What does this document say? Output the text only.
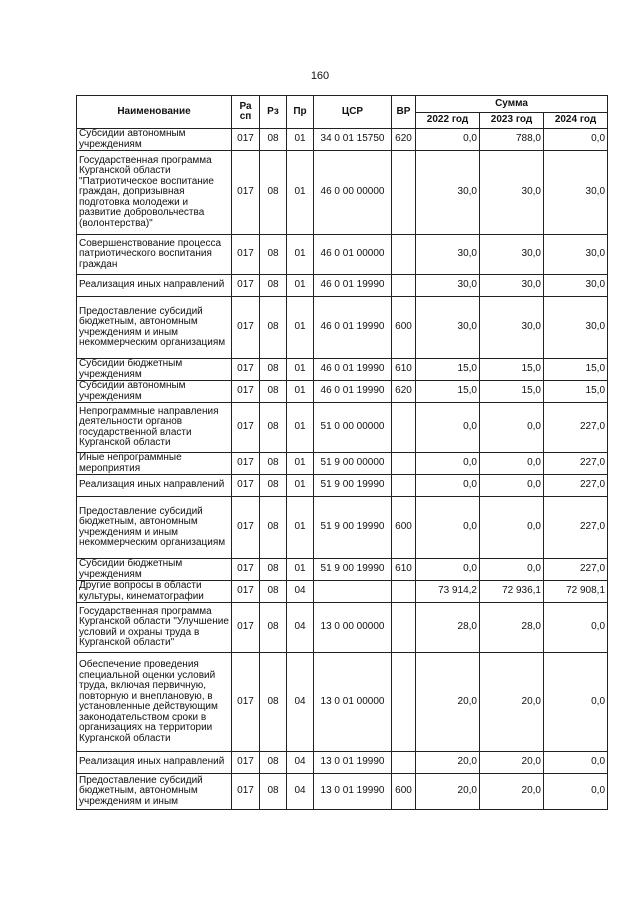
160
Наименование	Ра сп	Рз	Пр	ЦСР	ВР	Сумма		
						2022 год	2023 год	2024 год
Субсидии автономным учреждениям	017	08	01	34 0 01 15750	620	0,0	788,0	0,0
Государственная программа Курганской области "Патриотическое воспитание граждан, допризывная подготовка молодежи и развитие добровольчества (волонтерства)"	017	08	01	46 0 00 00000		30,0	30,0	30,0
Совершенствование процесса патриотического воспитания граждан	017	08	01	46 0 01 00000		30,0	30,0	30,0
Реализация иных направлений	017	08	01	46 0 01 19990		30,0	30,0	30,0
Предоставление субсидий бюджетным, автономным учреждениям и иным некоммерческим организациям	017	08	01	46 0 01 19990	600	30,0	30,0	30,0
Субсидии бюджетным учреждениям	017	08	01	46 0 01 19990	610	15,0	15,0	15,0
Субсидии автономным учреждениям	017	08	01	46 0 01 19990	620	15,0	15,0	15,0
Непрограммные направления деятельности органов государственной власти Курганской области	017	08	01	51 0 00 00000		0,0	0,0	227,0
Иные непрограммные мероприятия	017	08	01	51 9 00 00000		0,0	0,0	227,0
Реализация иных направлений	017	08	01	51 9 00 19990		0,0	0,0	227,0
Предоставление субсидий бюджетным, автономным учреждениям и иным некоммерческим организациям	017	08	01	51 9 00 19990	600	0,0	0,0	227,0
Субсидии бюджетным учреждениям	017	08	01	51 9 00 19990	610	0,0	0,0	227,0
Другие вопросы в области культуры, кинематографии	017	08	04			73 914,2	72 936,1	72 908,1
Государственная программа Курганской области "Улучшение условий и охраны труда в Курганской области"	017	08	04	13 0 00 00000		28,0	28,0	0,0
Обеспечение проведения специальной оценки условий труда, включая первичную, повторную и внеплановую, в установленные действующим законодательством сроки в организациях на территории Курганской области	017	08	04	13 0 01 00000		20,0	20,0	0,0
Реализация иных направлений	017	08	04	13 0 01 19990		20,0	20,0	0,0
Предоставление субсидий бюджетным, автономным учреждениям и иным	017	08	04	13 0 01 19990	600	20,0	20,0	0,0
